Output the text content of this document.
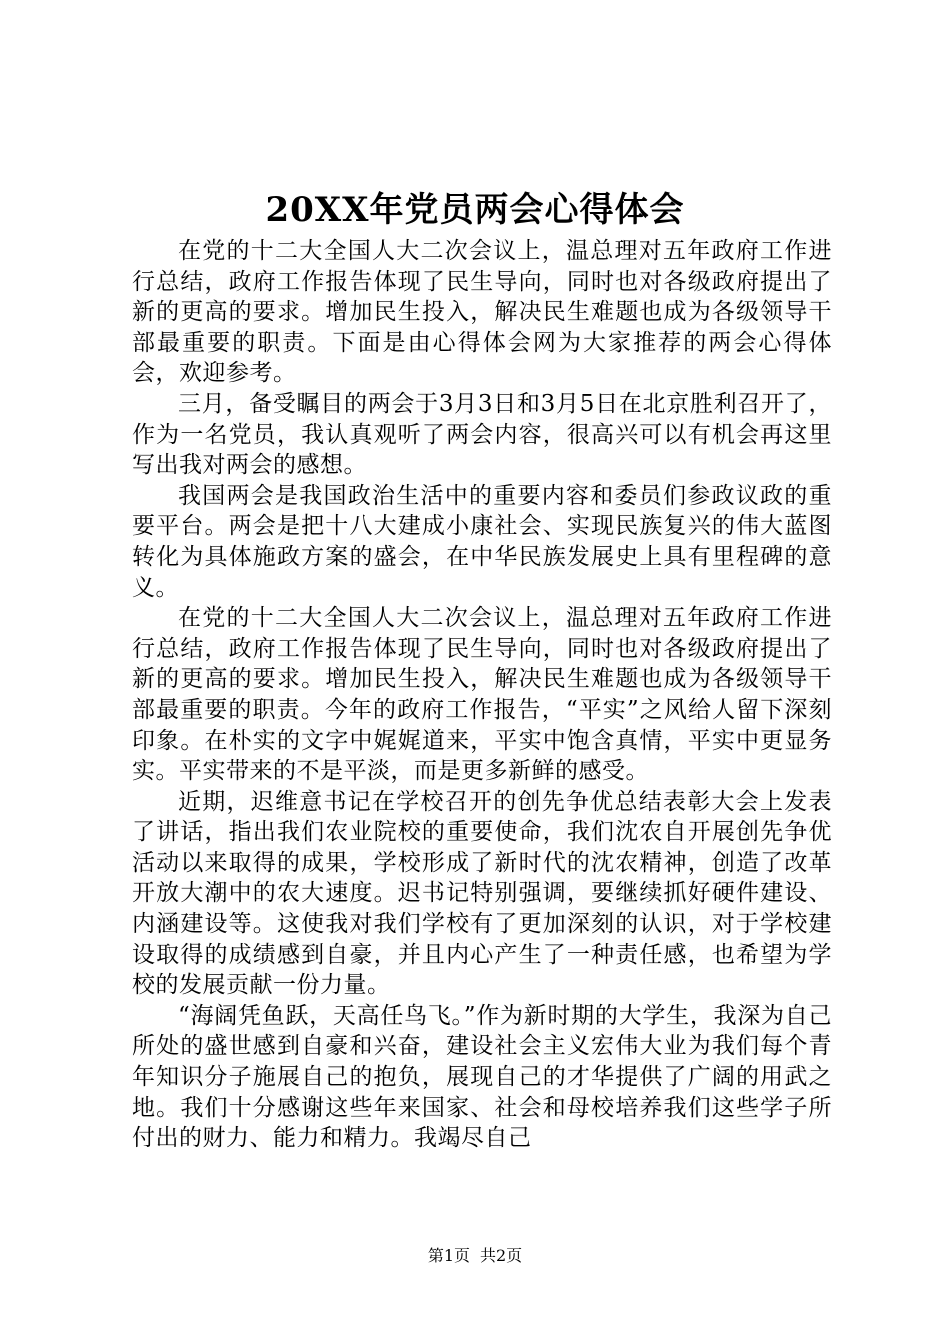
20XX年党员两会心得体会

在党的十二大全国人大二次会议上，温总理对五年政府工作进行总结，政府工作报告体现了民生导向，同时也对各级政府提出了新的更高的要求。增加民生投入，解决民生难题也成为各级领导干部最重要的职责。下面是由心得体会网为大家推荐的两会心得体会，欢迎参考。

三月，备受瞩目的两会于3月3日和3月5日在北京胜利召开了，作为一名党员，我认真观听了两会内容，很高兴可以有机会再这里写出我对两会的感想。

我国两会是我国政治生活中的重要内容和委员们参政议政的重要平台。两会是把十八大建成小康社会、实现民族复兴的伟大蓝图转化为具体施政方案的盛会，在中华民族发展史上具有里程碑的意义。

在党的十二大全国人大二次会议上，温总理对五年政府工作进行总结，政府工作报告体现了民生导向，同时也对各级政府提出了新的更高的要求。增加民生投入，解决民生难题也成为各级领导干部最重要的职责。今年的政府工作报告，“平实”之风给人留下深刻印象。在朴实的文字中娓娓道来，平实中饱含真情，平实中更显务实。平实带来的不是平淡，而是更多新鲜的感受。

近期，迟维意书记在学校召开的创先争优总结表彰大会上发表了讲话，指出我们农业院校的重要使命，我们沈农自开展创先争优活动以来取得的成果，学校形成了新时代的沈农精神，创造了改革开放大潮中的农大速度。迟书记特别强调，要继续抓好硬件建设、内涵建设等。这使我对我们学校有了更加深刻的认识，对于学校建设取得的成绩感到自豪，并且内心产生了一种责任感，也希望为学校的发展贡献一份力量。

“海阔凭鱼跃，天高任鸟飞。”作为新时期的大学生，我深为自己所处的盛世感到自豪和兴奋，建设社会主义宏伟大业为我们每个青年知识分子施展自己的抱负，展现自己的才华提供了广阔的用武之地。我们十分感谢这些年来国家、社会和母校培养我们这些学子所付出的财力、能力和精力。我竭尽自己

第1页 共2页
